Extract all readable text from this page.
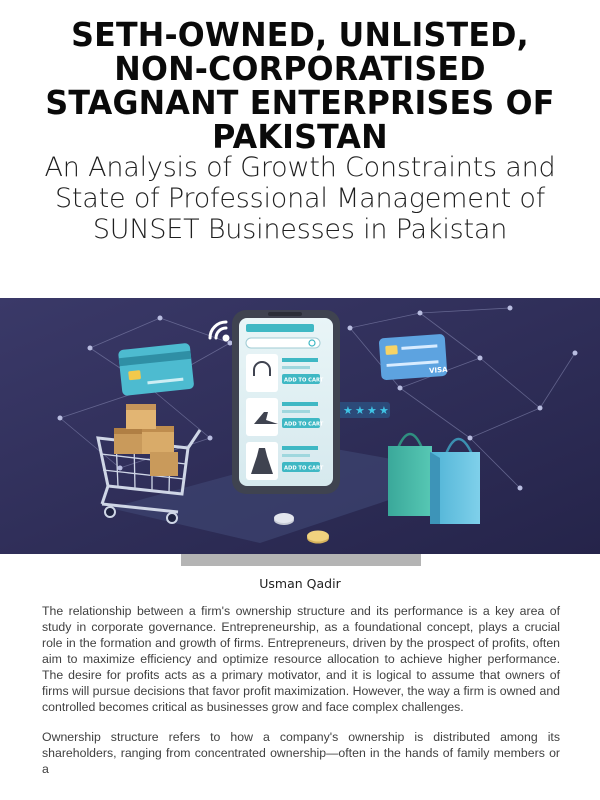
SETH-OWNED, UNLISTED, NON-CORPORATISED STAGNANT ENTERPRISES OF PAKISTAN
An Analysis of Growth Constraints and State of Professional Management of SUNSET Businesses in Pakistan
VISA
★ ★ ★ ★
ADD TO CART
ADD TO CART
ADD TO CART
Usman Qadir

The relationship between a firm's ownership structure and its performance is a key area of study in corporate governance. Entrepreneurship, as a foundational concept, plays a crucial role in the formation and growth of firms. Entrepreneurs, driven by the prospect of profits, often aim to maximize efficiency and optimize resource allocation to achieve higher performance. The desire for profits acts as a primary motivator, and it is logical to assume that owners of firms will pursue decisions that favor profit maximization. However, the way a firm is owned and controlled becomes critical as businesses grow and face complex challenges.

Ownership structure refers to how a company's ownership is distributed among its shareholders, ranging from concentrated ownership—often in the hands of family members or a
